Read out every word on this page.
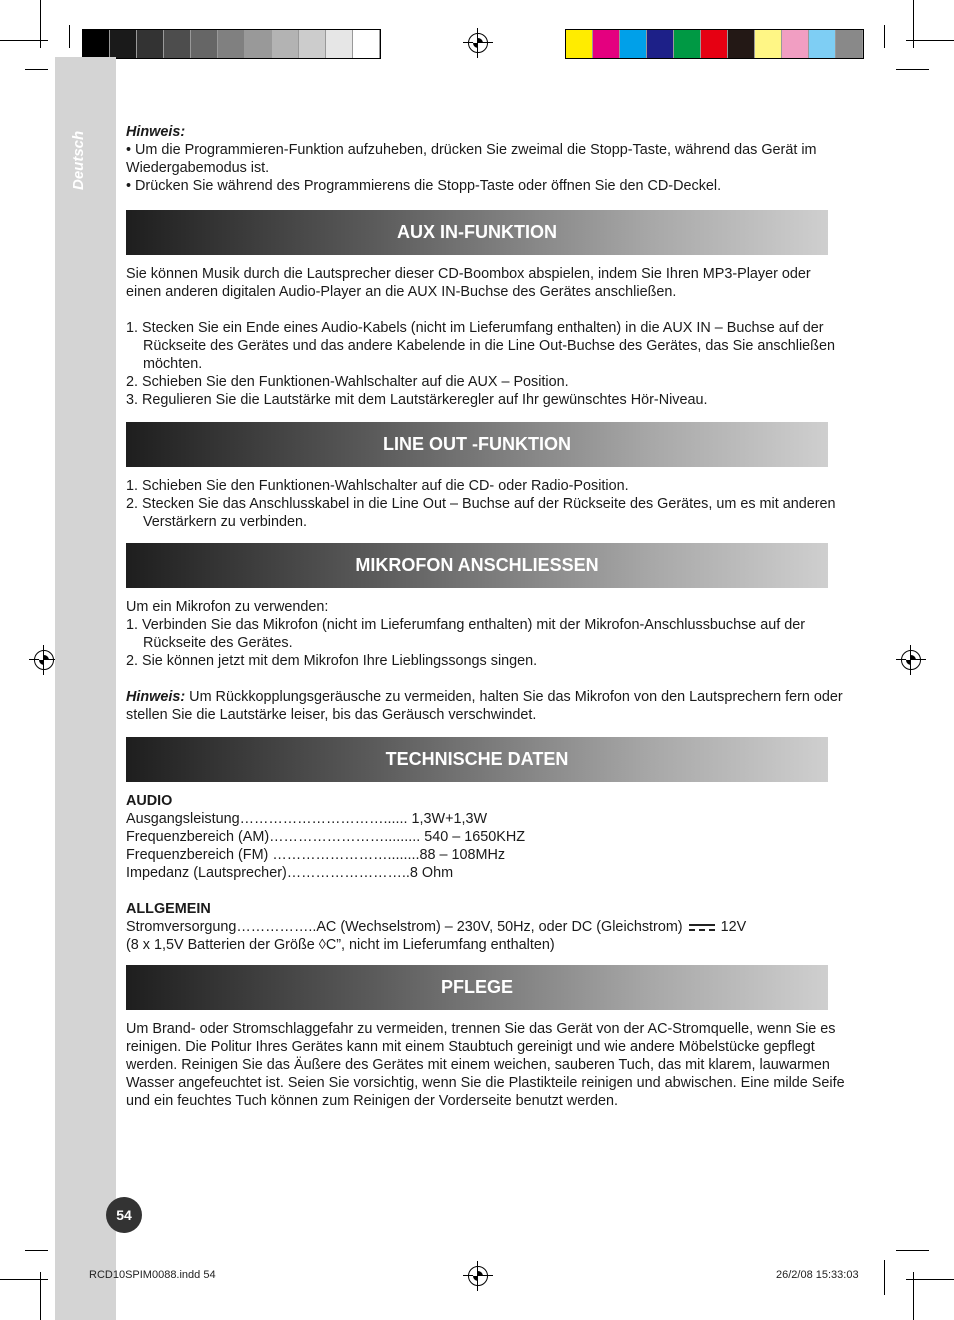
Deutsch	Hinweis:

• Um die Programmieren-Funktion aufzuheben, drücken Sie zweimal die Stopp-Taste, während das Gerät im Wiedergabemodus ist.

• Drücken Sie während des Programmierens die Stopp-Taste oder öffnen Sie den CD-Deckel.

AUX IN-FUNKTION

Sie können Musik durch die Lautsprecher dieser CD-Boombox abspielen, indem Sie Ihren MP3-Player oder einen anderen digitalen Audio-Player an die AUX IN-Buchse des Gerätes anschließen.

1. Stecken Sie ein Ende eines Audio-Kabels (nicht im Lieferumfang enthalten) in die AUX IN – Buchse auf der Rückseite des Gerätes und das andere Kabelende in die Line Out-Buchse des Gerätes, das Sie anschließen möchten.

2. Schieben Sie den Funktionen-Wahlschalter auf die AUX – Position.

3. Regulieren Sie die Lautstärke mit dem Lautstärkeregler auf Ihr gewünschtes Hör-Niveau.

LINE OUT -FUNKTION

1. Schieben Sie den Funktionen-Wahlschalter auf die CD- oder Radio-Position.

2. Stecken Sie das Anschlusskabel in die Line Out – Buchse auf der Rückseite des Gerätes, um es mit anderen Verstärkern zu verbinden.

MIKROFON ANSCHLIESSEN

Um ein Mikrofon zu verwenden:

1. Verbinden Sie das Mikrofon (nicht im Lieferumfang enthalten) mit der Mikrofon-Anschlussbuchse auf der Rückseite des Gerätes.

2. Sie können jetzt mit dem Mikrofon Ihre Lieblingssongs singen.

Hinweis: Um Rückkopplungsgeräusche zu vermeiden, halten Sie das Mikrofon von den Lautsprechern fern oder stellen Sie die Lautstärke leiser, bis das Geräusch verschwindet.

TECHNISCHE DATEN

AUDIO

Ausgangsleistung…………………………...... 1,3W+1,3W

Frequenzbereich (AM)……………………......... 540 – 1650KHZ

Frequenzbereich (FM) ……………………........88 – 108MHz

Impedanz (Lautsprecher)……………………..8 Ohm

ALLGEMEIN

Stromversorgung……………..AC (Wechselstrom) – 230V, 50Hz, oder DC (Gleichstrom)	12V

(8 x 1,5V Batterien der Größe ◊C”, nicht im Lieferumfang enthalten)

PFLEGE

Um Brand- oder Stromschlaggefahr zu vermeiden, trennen Sie das Gerät von der AC-Stromquelle, wenn Sie es reinigen. Die Politur Ihres Gerätes kann mit einem Staubtuch gereinigt und wie andere Möbelstücke gepflegt werden. Reinigen Sie das Äußere des Gerätes mit einem weichen, sauberen Tuch, das mit klarem, lauwarmen Wasser angefeuchtet ist. Seien Sie vorsichtig, wenn Sie die Plastikteile reinigen und abwischen. Eine milde Seife und ein feuchtes Tuch können zum Reinigen der Vorderseite benutzt werden.

54
RCD10SPIM0088.indd 54	26/2/08 15:33:03
